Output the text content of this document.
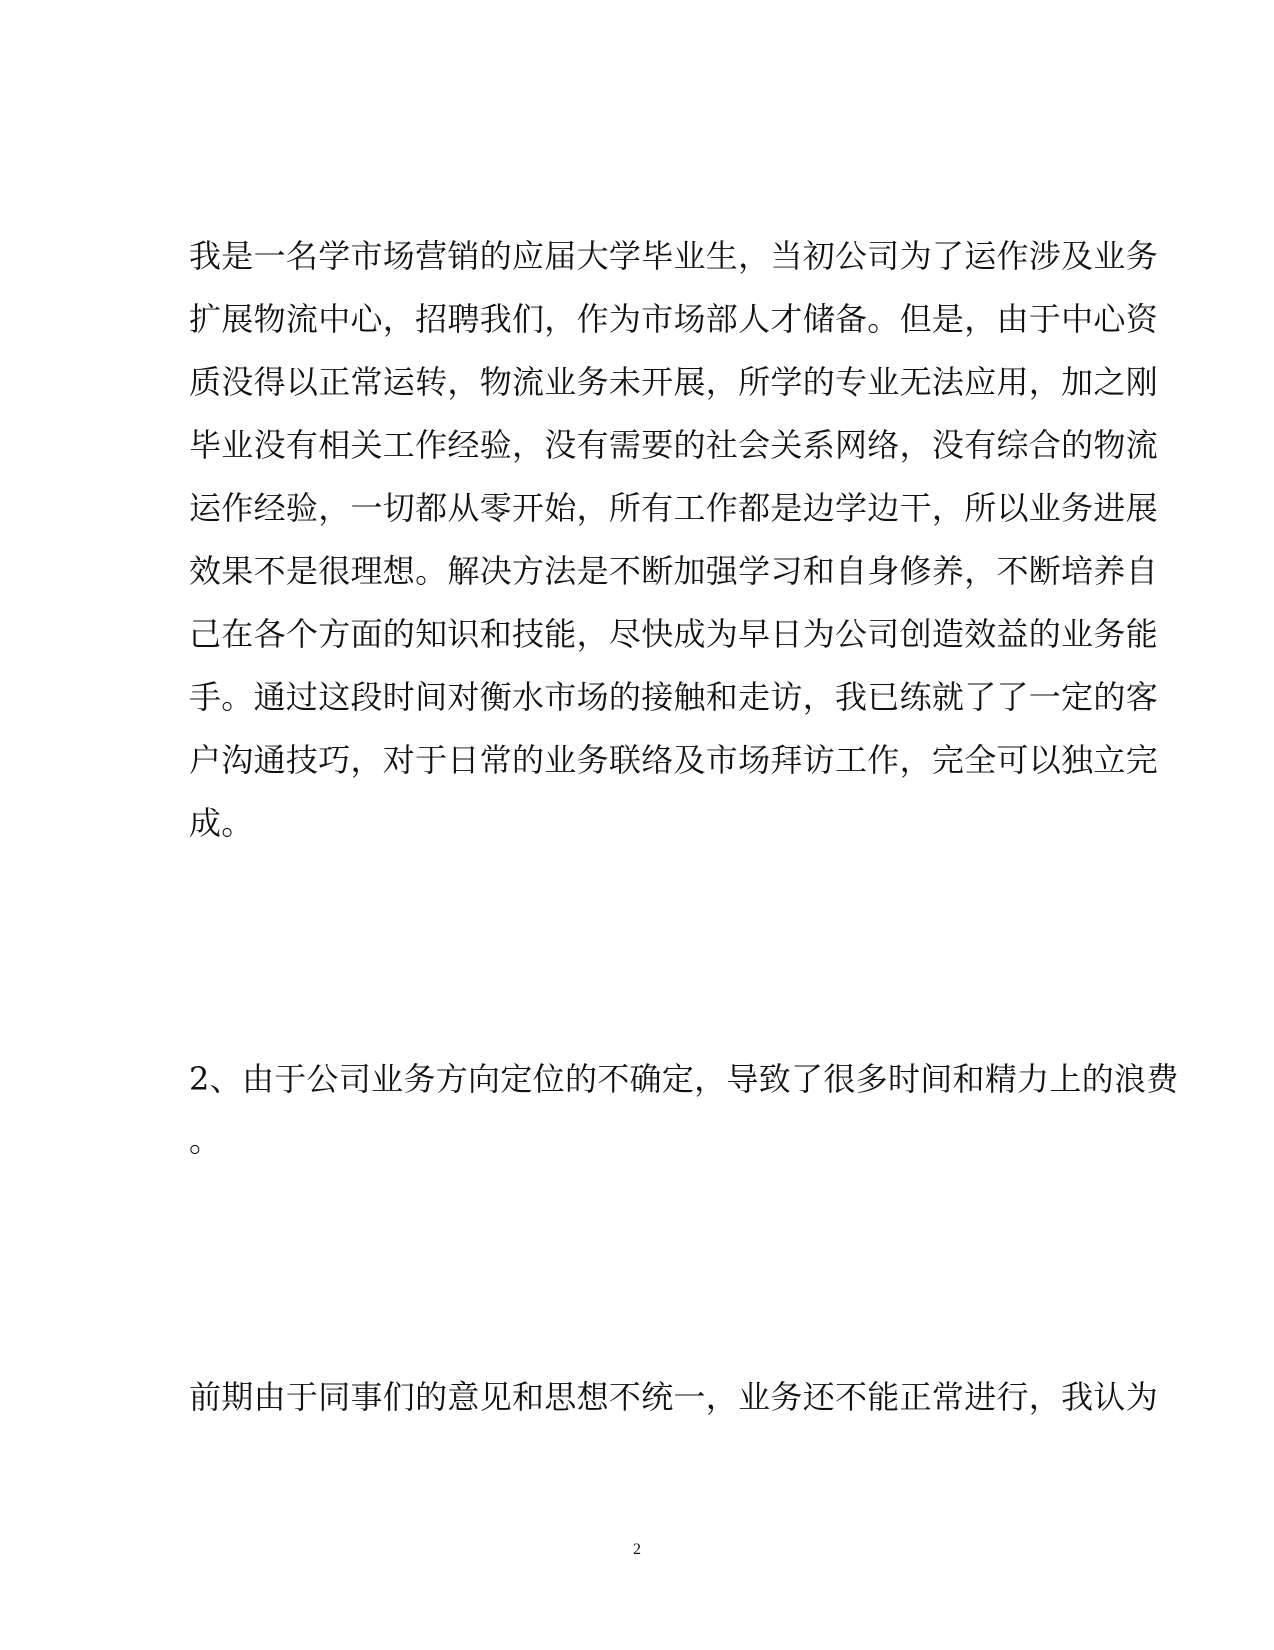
我是一名学市场营销的应届大学毕业生，当初公司为了运作涉及业务
扩展物流中心，招聘我们，作为市场部人才储备。但是，由于中心资
质没得以正常运转，物流业务未开展，所学的专业无法应用，加之刚
毕业没有相关工作经验，没有需要的社会关系网络，没有综合的物流
运作经验，一切都从零开始，所有工作都是边学边干，所以业务进展
效果不是很理想。解决方法是不断加强学习和自身修养，不断培养自
己在各个方面的知识和技能，尽快成为早日为公司创造效益的业务能
手。通过这段时间对衡水市场的接触和走访，我已练就了了一定的客
户沟通技巧，对于日常的业务联络及市场拜访工作，完全可以独立完
成。
2、由于公司业务方向定位的不确定，导致了很多时间和精力上的浪费
。
前期由于同事们的意见和思想不统一，业务还不能正常进行，我认为
2
